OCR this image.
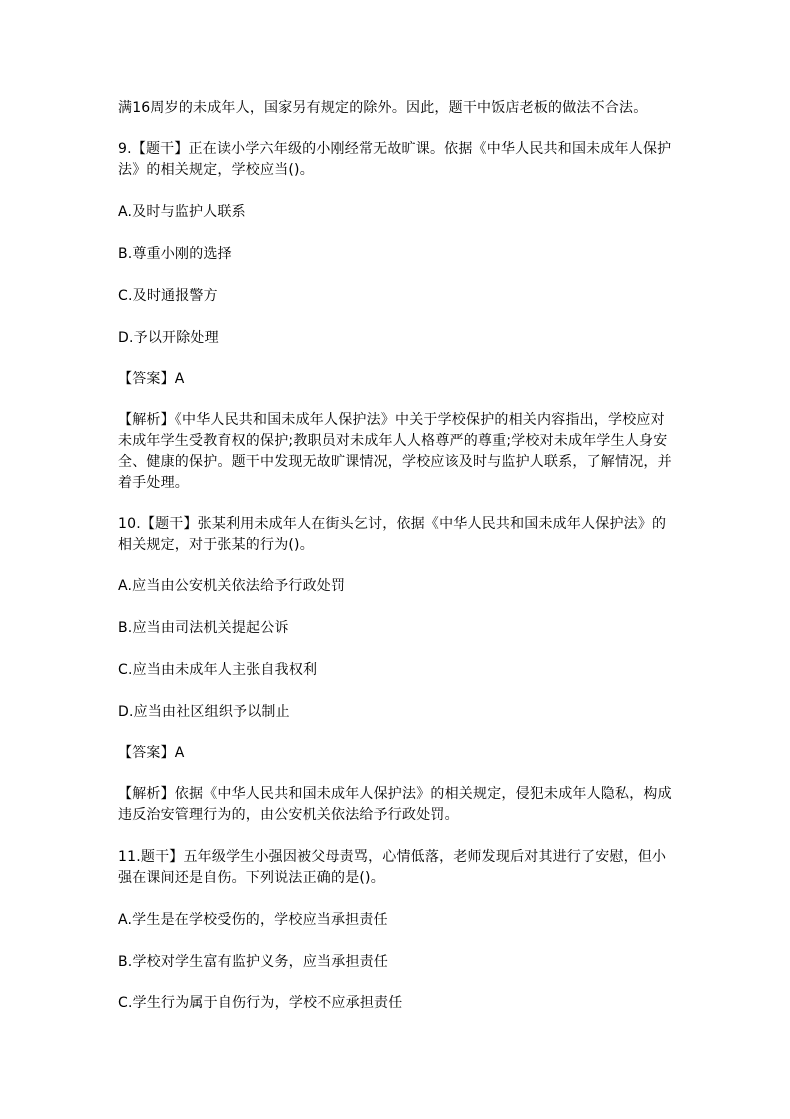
满16周岁的未成年人，国家另有规定的除外。因此，题干中饭店老板的做法不合法。
9.【题干】正在读小学六年级的小刚经常无故旷课。依据《中华人民共和国未成年人保护
法》的相关规定，学校应当()。
A.及时与监护人联系
B.尊重小刚的选择
C.及时通报警方
D.予以开除处理
【答案】A
【解析】《中华人民共和国未成年人保护法》中关于学校保护的相关内容指出，学校应对
未成年学生受教育权的保护;教职员对未成年人人格尊严的尊重;学校对未成年学生人身安
全、健康的保护。题干中发现无故旷课情况，学校应该及时与监护人联系，了解情况，并
着手处理。
10.【题干】张某利用未成年人在街头乞讨，依据《中华人民共和国未成年人保护法》的
相关规定，对于张某的行为()。
A.应当由公安机关依法给予行政处罚
B.应当由司法机关提起公诉
C.应当由未成年人主张自我权利
D.应当由社区组织予以制止
【答案】A
【解析】依据《中华人民共和国未成年人保护法》的相关规定，侵犯未成年人隐私，构成
违反治安管理行为的，由公安机关依法给予行政处罚。
11.题干】五年级学生小强因被父母责骂，心情低落，老师发现后对其进行了安慰，但小
强在课间还是自伤。下列说法正确的是()。
A.学生是在学校受伤的，学校应当承担责任
B.学校对学生富有监护义务，应当承担责任
C.学生行为属于自伤行为，学校不应承担责任
